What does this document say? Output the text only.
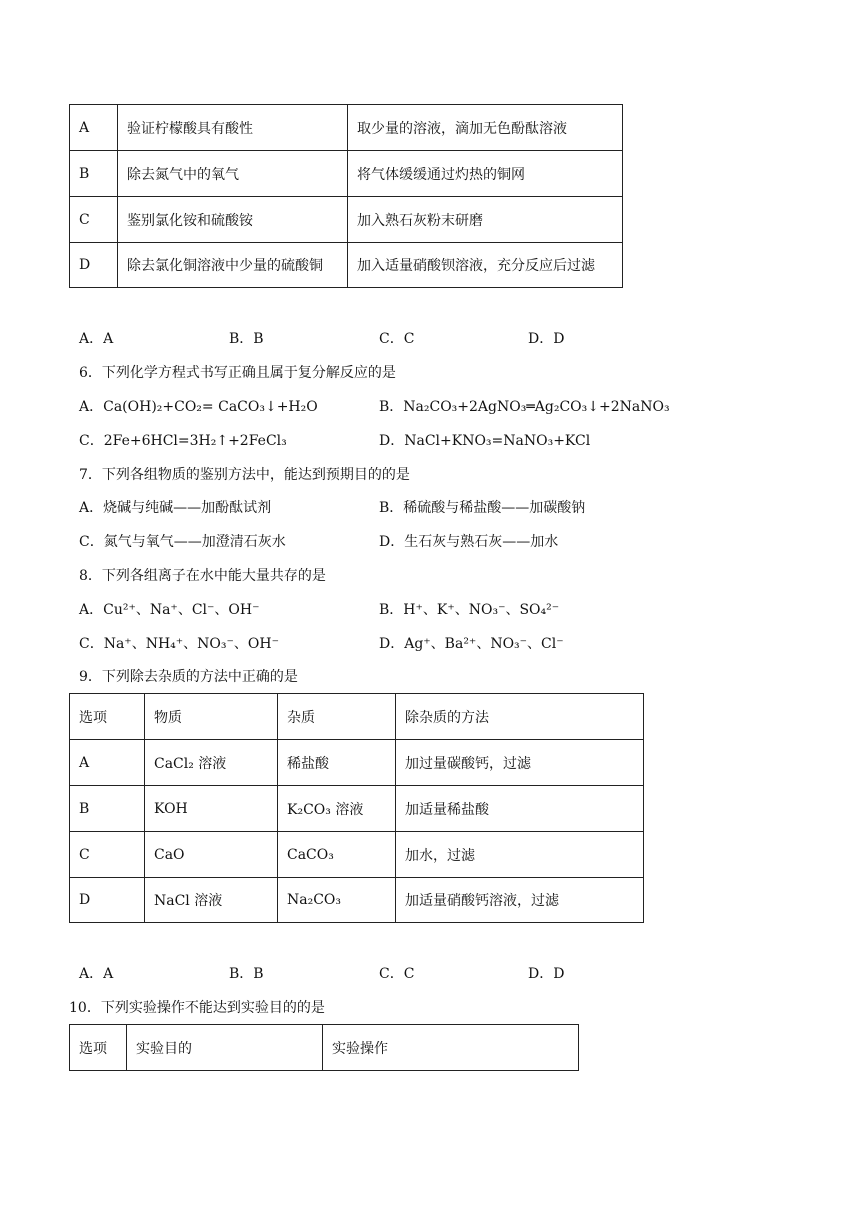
A	验证柠檬酸具有酸性	取少量的溶液，滴加无色酚酞溶液
B	除去氮气中的氧气	将气体缓缓通过灼热的铜网
C	鉴别氯化铵和硫酸铵	加入熟石灰粉末研磨
D	除去氯化铜溶液中少量的硫酸铜	加入适量硝酸钡溶液，充分反应后过滤
A．A	B．B	C．C	D．D
6．下列化学方程式书写正确且属于复分解反应的是
A．Ca(OH)₂+CO₂= CaCO₃↓+H₂O	B．Na₂CO₃+2AgNO₃═Ag₂CO₃↓+2NaNO₃
C．2Fe+6HCl=3H₂↑+2FeCl₃	D．NaCl+KNO₃=NaNO₃+KCl
7．下列各组物质的鉴别方法中，能达到预期目的的是
A．烧碱与纯碱——加酚酞试剂	B．稀硫酸与稀盐酸——加碳酸钠
C．氮气与氧气——加澄清石灰水	D．生石灰与熟石灰——加水
8．下列各组离子在水中能大量共存的是
A．Cu²⁺、Na⁺、Cl⁻、OH⁻	B．H⁺、K⁺、NO₃⁻、SO₄²⁻
C．Na⁺、NH₄⁺、NO₃⁻、OH⁻	D．Ag⁺、Ba²⁺、NO₃⁻、Cl⁻
9．下列除去杂质的方法中正确的是
选项	物质	杂质	除杂质的方法
A	CaCl₂ 溶液	稀盐酸	加过量碳酸钙，过滤
B	KOH	K₂CO₃ 溶液	加适量稀盐酸
C	CaO	CaCO₃	加水，过滤
D	NaCl 溶液	Na₂CO₃	加适量硝酸钙溶液，过滤
A．A	B．B	C．C	D．D
10．下列实验操作不能达到实验目的的是
选项	实验目的	实验操作
